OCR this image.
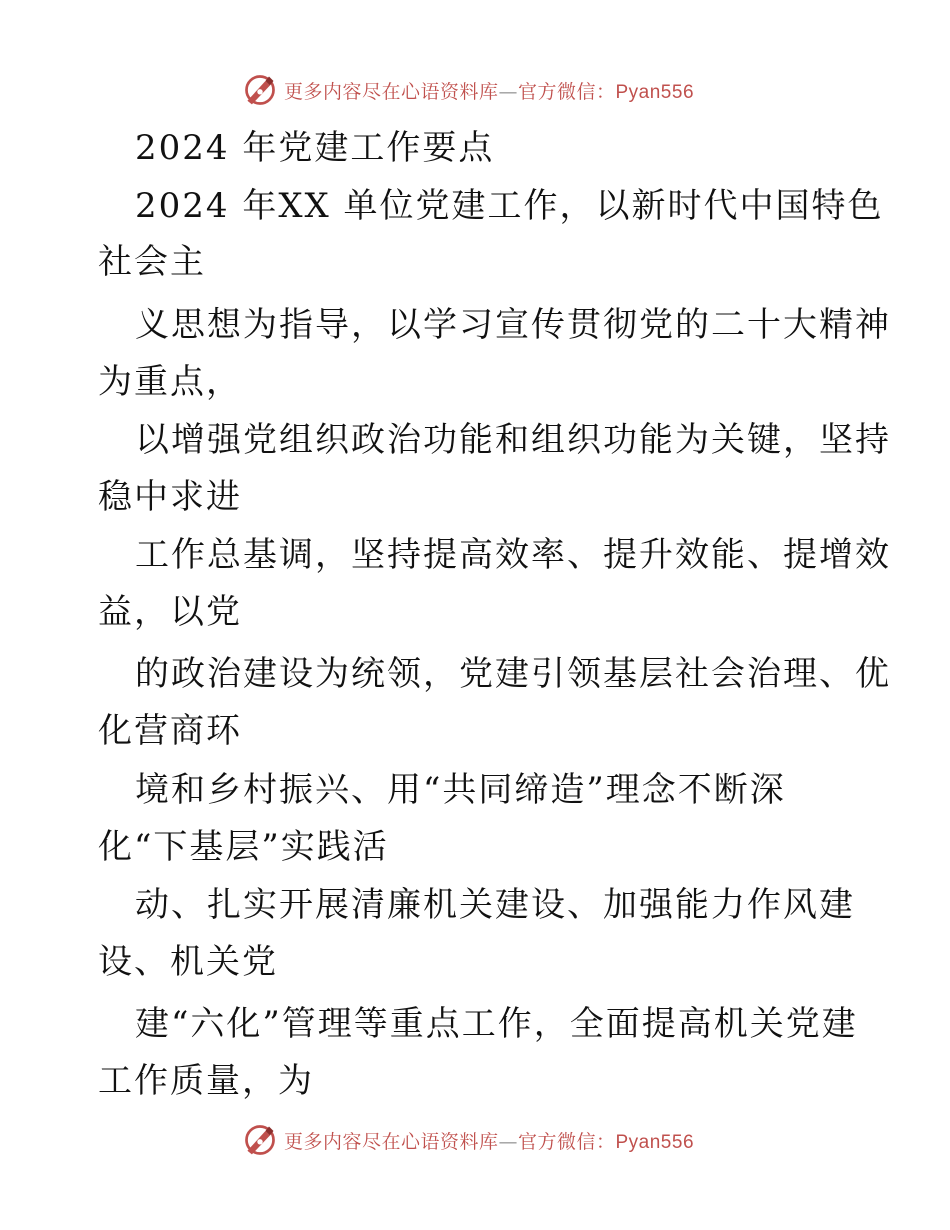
更多内容尽在心语资料库—官方微信：Pyan556
2024 年党建工作要点
2024 年XX 单位党建工作，以新时代中国特色
社会主
义思想为指导，以学习宣传贯彻党的二十大精神
为重点，
以增强党组织政治功能和组织功能为关键，坚持
稳中求进
工作总基调，坚持提高效率、提升效能、提增效
益，以党
的政治建设为统领，党建引领基层社会治理、优
化营商环
境和乡村振兴、用“共同缔造”理念不断深
化“下基层”实践活
动、扎实开展清廉机关建设、加强能力作风建
设、机关党
建“六化”管理等重点工作，全面提高机关党建
工作质量，为
更多内容尽在心语资料库—官方微信：Pyan556
